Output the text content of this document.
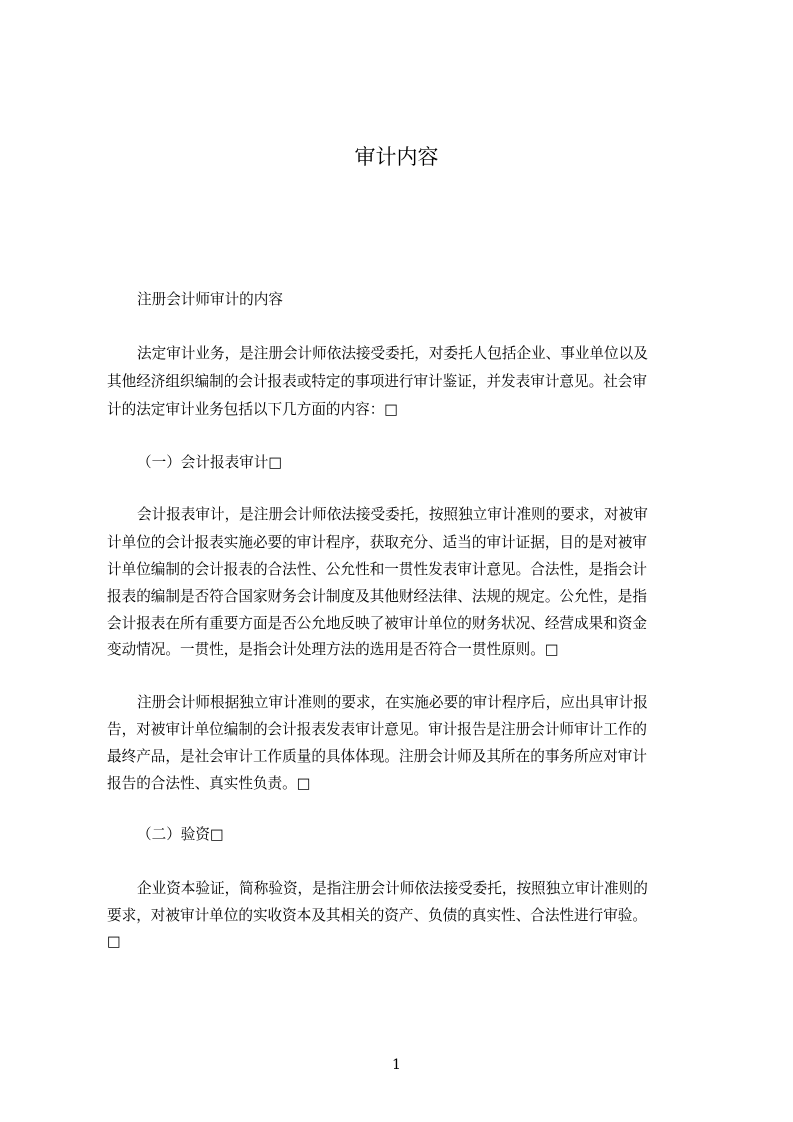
审计内容
注册会计师审计的内容
法定审计业务，是注册会计师依法接受委托，对委托人包括企业、事业单位以及
其他经济组织编制的会计报表或特定的事项进行审计鉴证，并发表审计意见。社会审
计的法定审计业务包括以下几方面的内容：□
（一）会计报表审计□
会计报表审计，是注册会计师依法接受委托，按照独立审计准则的要求，对被审
计单位的会计报表实施必要的审计程序，获取充分、适当的审计证据，目的是对被审
计单位编制的会计报表的合法性、公允性和一贯性发表审计意见。合法性，是指会计
报表的编制是否符合国家财务会计制度及其他财经法律、法规的规定。公允性，是指
会计报表在所有重要方面是否公允地反映了被审计单位的财务状况、经营成果和资金
变动情况。一贯性，是指会计处理方法的选用是否符合一贯性原则。□
注册会计师根据独立审计准则的要求，在实施必要的审计程序后，应出具审计报
告，对被审计单位编制的会计报表发表审计意见。审计报告是注册会计师审计工作的
最终产品，是社会审计工作质量的具体体现。注册会计师及其所在的事务所应对审计
报告的合法性、真实性负责。□
（二）验资□
企业资本验证，简称验资，是指注册会计师依法接受委托，按照独立审计准则的
要求，对被审计单位的实收资本及其相关的资产、负债的真实性、合法性进行审验。
□
1
